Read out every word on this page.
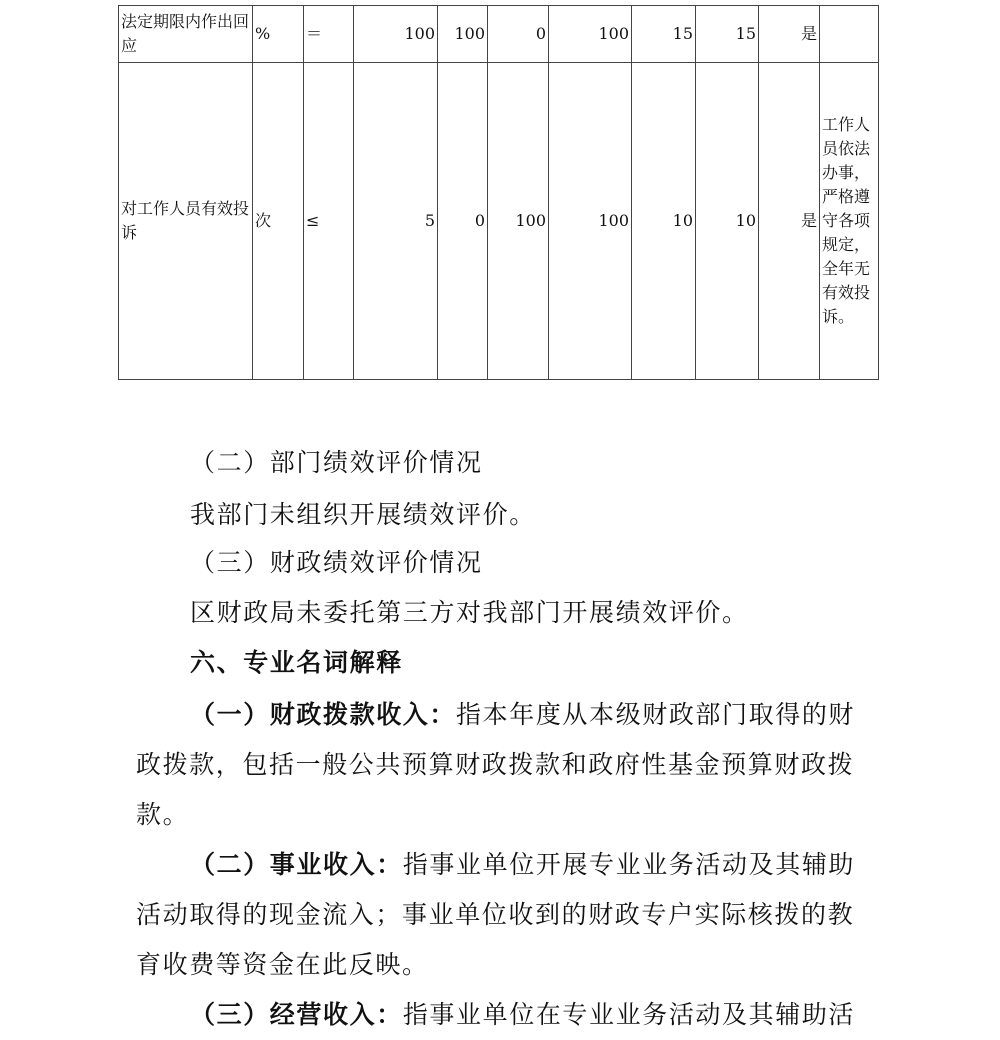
法定期限内作出回应	%	＝	100	100	0	100	15	15	是	
对工作人员有效投诉	次	≤	5	0	100	100	10	10	是	工作人员依法办事，严格遵守各项规定，全年无有效投诉。
（二）部门绩效评价情况
我部门未组织开展绩效评价。
（三）财政绩效评价情况
区财政局未委托第三方对我部门开展绩效评价。
六、专业名词解释
（一）财政拨款收入：指本年度从本级财政部门取得的财
政拨款，包括一般公共预算财政拨款和政府性基金预算财政拨
款。
（二）事业收入：指事业单位开展专业业务活动及其辅助
活动取得的现金流入；事业单位收到的财政专户实际核拨的教
育收费等资金在此反映。
（三）经营收入：指事业单位在专业业务活动及其辅助活
